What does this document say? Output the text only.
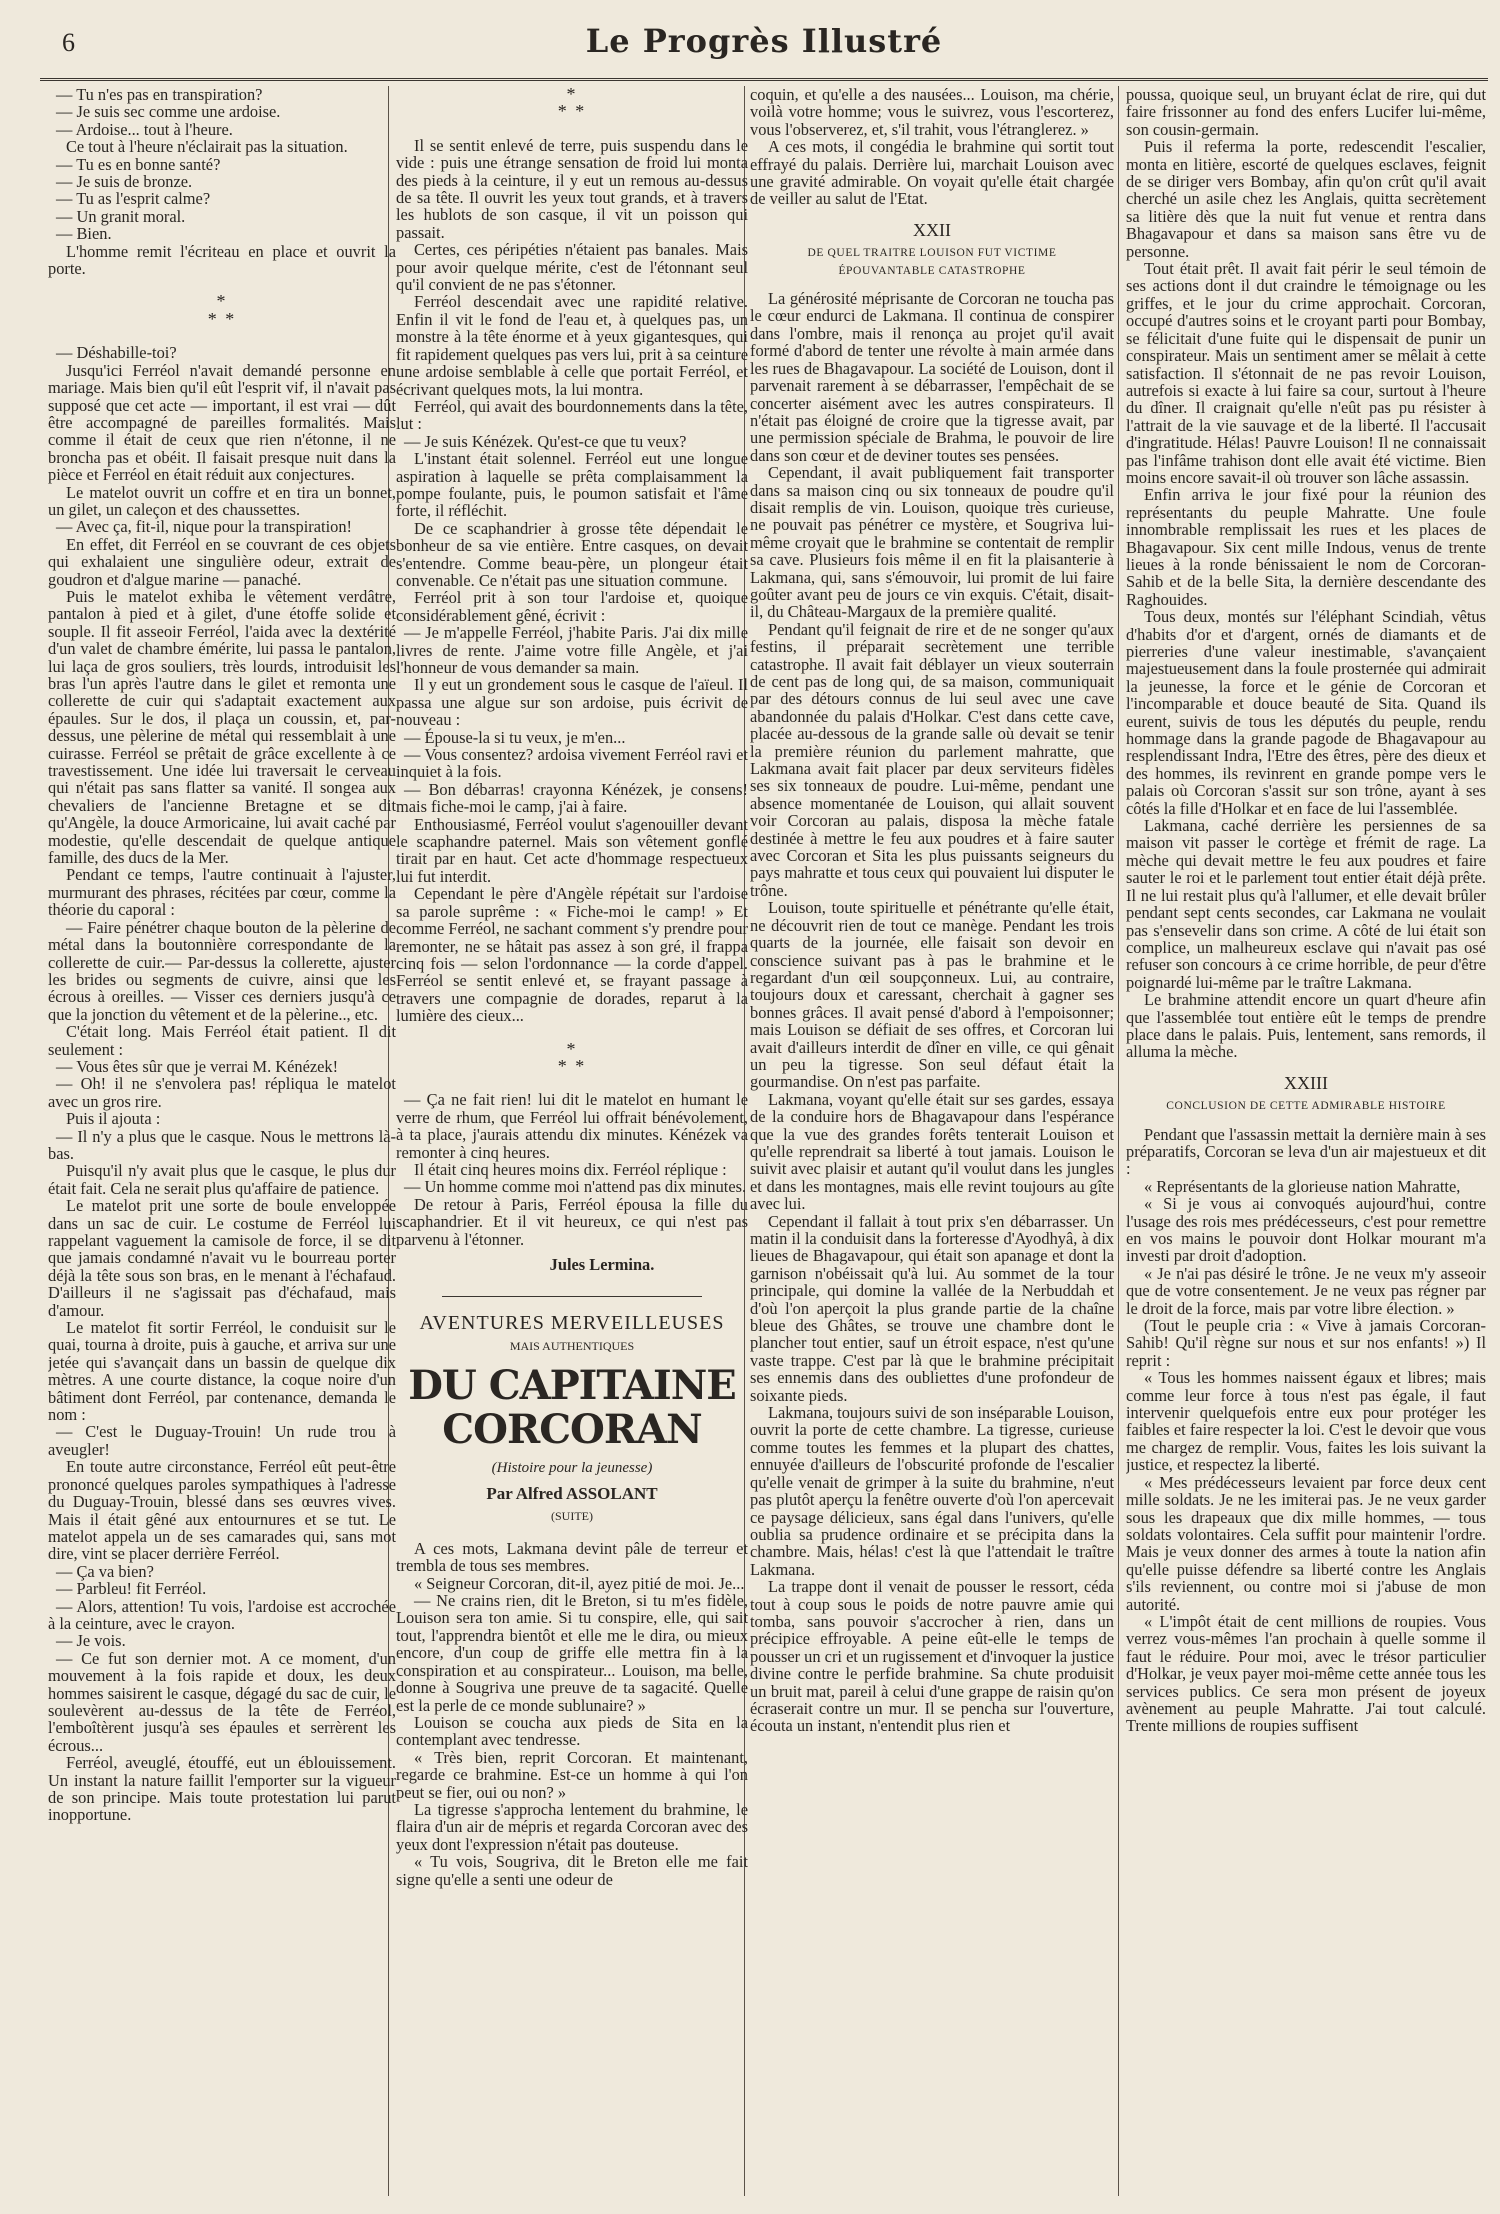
6	Le Progrès Illustré

— Tu n'es pas en transpiration?

— Je suis sec comme une ardoise.

— Ardoise... tout à l'heure.

Ce tout à l'heure n'éclairait pas la situation.

— Tu es en bonne santé?

— Je suis de bronze.

— Tu as l'esprit calme?

— Un granit moral.

— Bien.

L'homme remit l'écriteau en place et ouvrit la porte.

*
* *

— Déshabille-toi?

Jusqu'ici Ferréol n'avait demandé personne en mariage. Mais bien qu'il eût l'esprit vif, il n'avait pas supposé que cet acte — important, il est vrai — dût être accompagné de pareilles formalités. Mais comme il était de ceux que rien n'étonne, il ne broncha pas et obéit. Il faisait presque nuit dans la pièce et Ferréol en était réduit aux conjectures.

Le matelot ouvrit un coffre et en tira un bonnet, un gilet, un caleçon et des chaussettes.

— Avec ça, fit-il, nique pour la transpiration!

En effet, dit Ferréol en se couvrant de ces objets qui exhalaient une singulière odeur, extrait de goudron et d'algue marine — panaché.

Puis le matelot exhiba le vêtement verdâtre, pantalon à pied et à gilet, d'une étoffe solide et souple. Il fit asseoir Ferréol, l'aida avec la dextérité d'un valet de chambre émérite, lui passa le pantalon, lui laça de gros souliers, très lourds, introduisit les bras l'un après l'autre dans le gilet et remonta une collerette de cuir qui s'adaptait exactement aux épaules. Sur le dos, il plaça un coussin, et, par-dessus, une pèlerine de métal qui ressemblait à une cuirasse. Ferréol se prêtait de grâce excellente à ce travestissement. Une idée lui traversait le cerveau qui n'était pas sans flatter sa vanité. Il songea aux chevaliers de l'ancienne Bretagne et se dit qu'Angèle, la douce Armoricaine, lui avait caché par modestie, qu'elle descendait de quelque antique famille, des ducs de la Mer.

Pendant ce temps, l'autre continuait à l'ajuster, murmurant des phrases, récitées par cœur, comme la théorie du caporal :

— Faire pénétrer chaque bouton de la pèlerine de métal dans la boutonnière correspondante de la collerette de cuir.— Par-dessus la collerette, ajuster les brides ou segments de cuivre, ainsi que les écrous à oreilles. — Visser ces derniers jusqu'à ce que la jonction du vêtement et de la pèlerine.., etc.

C'était long. Mais Ferréol était patient. Il dit seulement :

— Vous êtes sûr que je verrai M. Kénézek!

— Oh! il ne s'envolera pas! répliqua le matelot avec un gros rire.

Puis il ajouta :

— Il n'y a plus que le casque. Nous le mettrons là-bas.

Puisqu'il n'y avait plus que le casque, le plus dur était fait. Cela ne serait plus qu'affaire de patience.

Le matelot prit une sorte de boule enveloppée dans un sac de cuir. Le costume de Ferréol lui rappelant vaguement la camisole de force, il se dit que jamais condamné n'avait vu le bourreau porter déjà la tête sous son bras, en le menant à l'échafaud. D'ailleurs il ne s'agissait pas d'échafaud, mais d'amour.

Le matelot fit sortir Ferréol, le conduisit sur le quai, tourna à droite, puis à gauche, et arriva sur une jetée qui s'avançait dans un bassin de quelque dix mètres. A une courte distance, la coque noire d'un bâtiment dont Ferréol, par contenance, demanda le nom :

— C'est le Duguay-Trouin! Un rude trou à aveugler!

En toute autre circonstance, Ferréol eût peut-être prononcé quelques paroles sympathiques à l'adresse du Duguay-Trouin, blessé dans ses œuvres vives. Mais il était gêné aux entournures et se tut. Le matelot appela un de ses camarades qui, sans mot dire, vint se placer derrière Ferréol.

— Ça va bien?

— Parbleu! fit Ferréol.

— Alors, attention! Tu vois, l'ardoise est accrochée à la ceinture, avec le crayon.

— Je vois.

— Ce fut son dernier mot. A ce moment, d'un mouvement à la fois rapide et doux, les deux hommes saisirent le casque, dégagé du sac de cuir, le soulevèrent au-dessus de la tête de Ferréol, l'emboîtèrent jusqu'à ses épaules et serrèrent les écrous...

Ferréol, aveuglé, étouffé, eut un éblouissement. Un instant la nature faillit l'emporter sur la vigueur de son principe. Mais toute protestation lui parut inopportune.

*
* *

Il se sentit enlevé de terre, puis suspendu dans le vide : puis une étrange sensation de froid lui monta des pieds à la ceinture, il y eut un remous au-dessus de sa tête. Il ouvrit les yeux tout grands, et à travers les hublots de son casque, il vit un poisson qui passait.

Certes, ces péripéties n'étaient pas banales. Mais pour avoir quelque mérite, c'est de l'étonnant seul qu'il convient de ne pas s'étonner.

Ferréol descendait avec une rapidité relative. Enfin il vit le fond de l'eau et, à quelques pas, un monstre à la tête énorme et à yeux gigantesques, qui fit rapidement quelques pas vers lui, prit à sa ceinture une ardoise semblable à celle que portait Ferréol, et écrivant quelques mots, la lui montra.

Ferréol, qui avait des bourdonnements dans la tête, lut :

— Je suis Kénézek. Qu'est-ce que tu veux?

L'instant était solennel. Ferréol eut une longue aspiration à laquelle se prêta complaisamment la pompe foulante, puis, le poumon satisfait et l'âme forte, il réfléchit.

De ce scaphandrier à grosse tête dépendait le bonheur de sa vie entière. Entre casques, on devait s'entendre. Comme beau-père, un plongeur était convenable. Ce n'était pas une situation commune.

Ferréol prit à son tour l'ardoise et, quoique considérablement gêné, écrivit :

— Je m'appelle Ferréol, j'habite Paris. J'ai dix mille livres de rente. J'aime votre fille Angèle, et j'ai l'honneur de vous demander sa main.

Il y eut un grondement sous le casque de l'aïeul. Il passa une algue sur son ardoise, puis écrivit de nouveau :

— Épouse-la si tu veux, je m'en...

— Vous consentez? ardoisa vivement Ferréol ravi et inquiet à la fois.

— Bon débarras! crayonna Kénézek, je consens! mais fiche-moi le camp, j'ai à faire.

Enthousiasmé, Ferréol voulut s'agenouiller devant le scaphandre paternel. Mais son vêtement gonflé tirait par en haut. Cet acte d'hommage respectueux lui fut interdit.

Cependant le père d'Angèle répétait sur l'ardoise sa parole suprême : « Fiche-moi le camp! » Et comme Ferréol, ne sachant comment s'y prendre pour remonter, ne se hâtait pas assez à son gré, il frappa cinq fois — selon l'ordonnance — la corde d'appel. Ferréol se sentit enlevé et, se frayant passage à travers une compagnie de dorades, reparut à la lumière des cieux...

*
* *

— Ça ne fait rien! lui dit le matelot en humant le verre de rhum, que Ferréol lui offrait bénévolement, à ta place, j'aurais attendu dix minutes. Kénézek va remonter à cinq heures.

Il était cinq heures moins dix. Ferréol réplique :

— Un homme comme moi n'attend pas dix minutes.

De retour à Paris, Ferréol épousa la fille du scaphandrier. Et il vit heureux, ce qui n'est pas parvenu à l'étonner.

Jules Lermina.
AVENTURES MERVEILLEUSES
MAIS AUTHENTIQUES
DU CAPITAINE CORCORAN
(Histoire pour la jeunesse)
Par Alfred ASSOLANT
(SUITE)

A ces mots, Lakmana devint pâle de terreur et trembla de tous ses membres.

« Seigneur Corcoran, dit-il, ayez pitié de moi. Je...

— Ne crains rien, dit le Breton, si tu m'es fidèle, Louison sera ton amie. Si tu conspire, elle, qui sait tout, l'apprendra bientôt et elle me le dira, ou mieux encore, d'un coup de griffe elle mettra fin à la conspiration et au conspirateur... Louison, ma belle, donne à Sougriva une preuve de ta sagacité. Quelle est la perle de ce monde sublunaire? »

Louison se coucha aux pieds de Sita en la contemplant avec tendresse.

« Très bien, reprit Corcoran. Et maintenant, regarde ce brahmine. Est-ce un homme à qui l'on peut se fier, oui ou non? »

La tigresse s'approcha lentement du brahmine, le flaira d'un air de mépris et regarda Corcoran avec des yeux dont l'expression n'était pas douteuse.

« Tu vois, Sougriva, dit le Breton elle me fait signe qu'elle a senti une odeur de

coquin, et qu'elle a des nausées... Louison, ma chérie, voilà votre homme; vous le suivrez, vous l'escorterez, vous l'observerez, et, s'il trahit, vous l'étranglerez. »

A ces mots, il congédia le brahmine qui sortit tout effrayé du palais. Derrière lui, marchait Louison avec une gravité admirable. On voyait qu'elle était chargée de veiller au salut de l'Etat.

XXII
DE QUEL TRAITRE LOUISON FUT VICTIME
ÉPOUVANTABLE CATASTROPHE

La générosité méprisante de Corcoran ne toucha pas le cœur endurci de Lakmana. Il continua de conspirer dans l'ombre, mais il renonça au projet qu'il avait formé d'abord de tenter une révolte à main armée dans les rues de Bhagavapour. La société de Louison, dont il parvenait rarement à se débarrasser, l'empêchait de se concerter aisément avec les autres conspirateurs. Il n'était pas éloigné de croire que la tigresse avait, par une permission spéciale de Brahma, le pouvoir de lire dans son cœur et de deviner toutes ses pensées.

Cependant, il avait publiquement fait transporter dans sa maison cinq ou six tonneaux de poudre qu'il disait remplis de vin. Louison, quoique très curieuse, ne pouvait pas pénétrer ce mystère, et Sougriva lui-même croyait que le brahmine se contentait de remplir sa cave. Plusieurs fois même il en fit la plaisanterie à Lakmana, qui, sans s'émouvoir, lui promit de lui faire goûter avant peu de jours ce vin exquis. C'était, disait-il, du Château-Margaux de la première qualité.

Pendant qu'il feignait de rire et de ne songer qu'aux festins, il préparait secrètement une terrible catastrophe. Il avait fait déblayer un vieux souterrain de cent pas de long qui, de sa maison, communiquait par des détours connus de lui seul avec une cave abandonnée du palais d'Holkar. C'est dans cette cave, placée au-dessous de la grande salle où devait se tenir la première réunion du parlement mahratte, que Lakmana avait fait placer par deux serviteurs fidèles ses six tonneaux de poudre. Lui-même, pendant une absence momentanée de Louison, qui allait souvent voir Corcoran au palais, disposa la mèche fatale destinée à mettre le feu aux poudres et à faire sauter avec Corcoran et Sita les plus puissants seigneurs du pays mahratte et tous ceux qui pouvaient lui disputer le trône.

Louison, toute spirituelle et pénétrante qu'elle était, ne découvrit rien de tout ce manège. Pendant les trois quarts de la journée, elle faisait son devoir en conscience suivant pas à pas le brahmine et le regardant d'un œil soupçonneux. Lui, au contraire, toujours doux et caressant, cherchait à gagner ses bonnes grâces. Il avait pensé d'abord à l'empoisonner; mais Louison se défiait de ses offres, et Corcoran lui avait d'ailleurs interdit de dîner en ville, ce qui gênait un peu la tigresse. Son seul défaut était la gourmandise. On n'est pas parfaite.

Lakmana, voyant qu'elle était sur ses gardes, essaya de la conduire hors de Bhagavapour dans l'espérance que la vue des grandes forêts tenterait Louison et qu'elle reprendrait sa liberté à tout jamais. Louison le suivit avec plaisir et autant qu'il voulut dans les jungles et dans les montagnes, mais elle revint toujours au gîte avec lui.

Cependant il fallait à tout prix s'en débarrasser. Un matin il la conduisit dans la forteresse d'Ayodhyâ, à dix lieues de Bhagavapour, qui était son apanage et dont la garnison n'obéissait qu'à lui. Au sommet de la tour principale, qui domine la vallée de la Nerbuddah et d'où l'on aperçoit la plus grande partie de la chaîne bleue des Ghâtes, se trouve une chambre dont le plancher tout entier, sauf un étroit espace, n'est qu'une vaste trappe. C'est par là que le brahmine précipitait ses ennemis dans des oubliettes d'une profondeur de soixante pieds.

Lakmana, toujours suivi de son inséparable Louison, ouvrit la porte de cette chambre. La tigresse, curieuse comme toutes les femmes et la plupart des chattes, ennuyée d'ailleurs de l'obscurité profonde de l'escalier qu'elle venait de grimper à la suite du brahmine, n'eut pas plutôt aperçu la fenêtre ouverte d'où l'on apercevait ce paysage délicieux, sans égal dans l'univers, qu'elle oublia sa prudence ordinaire et se précipita dans la chambre. Mais, hélas! c'est là que l'attendait le traître Lakmana.

La trappe dont il venait de pousser le ressort, céda tout à coup sous le poids de notre pauvre amie qui tomba, sans pouvoir s'accrocher à rien, dans un précipice effroyable. A peine eût-elle le temps de pousser un cri et un rugissement et d'invoquer la justice divine contre le perfide brahmine. Sa chute produisit un bruit mat, pareil à celui d'une grappe de raisin qu'on écraserait contre un mur. Il se pencha sur l'ouverture, écouta un instant, n'entendit plus rien et

poussa, quoique seul, un bruyant éclat de rire, qui dut faire frissonner au fond des enfers Lucifer lui-même, son cousin-germain.

Puis il referma la porte, redescendit l'escalier, monta en litière, escorté de quelques esclaves, feignit de se diriger vers Bombay, afin qu'on crût qu'il avait cherché un asile chez les Anglais, quitta secrètement sa litière dès que la nuit fut venue et rentra dans Bhagavapour et dans sa maison sans être vu de personne.

Tout était prêt. Il avait fait périr le seul témoin de ses actions dont il dut craindre le témoignage ou les griffes, et le jour du crime approchait. Corcoran, occupé d'autres soins et le croyant parti pour Bombay, se félicitait d'une fuite qui le dispensait de punir un conspirateur. Mais un sentiment amer se mêlait à cette satisfaction. Il s'étonnait de ne pas revoir Louison, autrefois si exacte à lui faire sa cour, surtout à l'heure du dîner. Il craignait qu'elle n'eût pas pu résister à l'attrait de la vie sauvage et de la liberté. Il l'accusait d'ingratitude. Hélas! Pauvre Louison! Il ne connaissait pas l'infâme trahison dont elle avait été victime. Bien moins encore savait-il où trouver son lâche assassin.

Enfin arriva le jour fixé pour la réunion des représentants du peuple Mahratte. Une foule innombrable remplissait les rues et les places de Bhagavapour. Six cent mille Indous, venus de trente lieues à la ronde bénissaient le nom de Corcoran-Sahib et de la belle Sita, la dernière descendante des Raghouides.

Tous deux, montés sur l'éléphant Scindiah, vêtus d'habits d'or et d'argent, ornés de diamants et de pierreries d'une valeur inestimable, s'avançaient majestueusement dans la foule prosternée qui admirait la jeunesse, la force et le génie de Corcoran et l'incomparable et douce beauté de Sita. Quand ils eurent, suivis de tous les députés du peuple, rendu hommage dans la grande pagode de Bhagavapour au resplendissant Indra, l'Etre des êtres, père des dieux et des hommes, ils revinrent en grande pompe vers le palais où Corcoran s'assit sur son trône, ayant à ses côtés la fille d'Holkar et en face de lui l'assemblée.

Lakmana, caché derrière les persiennes de sa maison vit passer le cortège et frémit de rage. La mèche qui devait mettre le feu aux poudres et faire sauter le roi et le parlement tout entier était déjà prête. Il ne lui restait plus qu'à l'allumer, et elle devait brûler pendant sept cents secondes, car Lakmana ne voulait pas s'ensevelir dans son crime. A côté de lui était son complice, un malheureux esclave qui n'avait pas osé refuser son concours à ce crime horrible, de peur d'être poignardé lui-même par le traître Lakmana.

Le brahmine attendit encore un quart d'heure afin que l'assemblée tout entière eût le temps de prendre place dans le palais. Puis, lentement, sans remords, il alluma la mèche.

XXIII
CONCLUSION DE CETTE ADMIRABLE HISTOIRE

Pendant que l'assassin mettait la dernière main à ses préparatifs, Corcoran se leva d'un air majestueux et dit :

« Représentants de la glorieuse nation Mahratte,

« Si je vous ai convoqués aujourd'hui, contre l'usage des rois mes prédécesseurs, c'est pour remettre en vos mains le pouvoir dont Holkar mourant m'a investi par droit d'adoption.

« Je n'ai pas désiré le trône. Je ne veux m'y asseoir que de votre consentement. Je ne veux pas régner par le droit de la force, mais par votre libre élection. »

(Tout le peuple cria : « Vive à jamais Corcoran-Sahib! Qu'il règne sur nous et sur nos enfants! ») Il reprit :

« Tous les hommes naissent égaux et libres; mais comme leur force à tous n'est pas égale, il faut intervenir quelquefois entre eux pour protéger les faibles et faire respecter la loi. C'est le devoir que vous me chargez de remplir. Vous, faites les lois suivant la justice, et respectez la liberté.

« Mes prédécesseurs levaient par force deux cent mille soldats. Je ne les imiterai pas. Je ne veux garder sous les drapeaux que dix mille hommes, — tous soldats volontaires. Cela suffit pour maintenir l'ordre. Mais je veux donner des armes à toute la nation afin qu'elle puisse défendre sa liberté contre les Anglais s'ils reviennent, ou contre moi si j'abuse de mon autorité.

« L'impôt était de cent millions de roupies. Vous verrez vous-mêmes l'an prochain à quelle somme il faut le réduire. Pour moi, avec le trésor particulier d'Holkar, je veux payer moi-même cette année tous les services publics. Ce sera mon présent de joyeux avènement au peuple Mahratte. J'ai tout calculé. Trente millions de roupies suffisent
